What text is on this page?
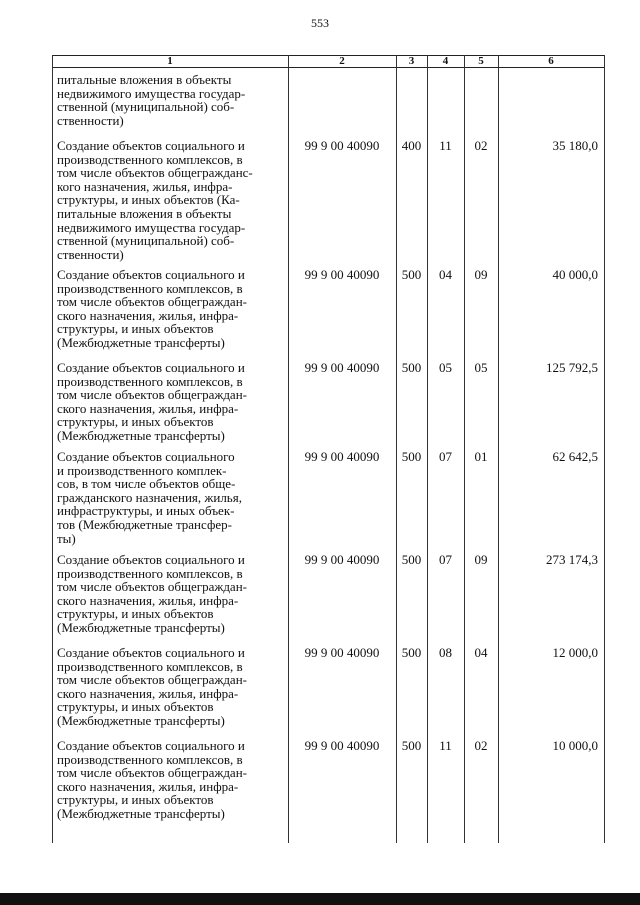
553
1	2	3	4	5	6
питальные вложения в объекты
недвижимого имущества государ-
ственной (муниципальной) соб-
ственности)
Создание объектов социального и
производственного комплексов, в
том числе объектов общегражданс-
кого назначения, жилья, инфра-
структуры, и иных объектов (Ка-
питальные вложения в объекты
недвижимого имущества государ-
ственной (муниципальной) соб-
ственности)
99 9 00 40090	400	11	02	35 180,0
Создание объектов социального и
производственного комплексов, в
том числе объектов общеграждан-
ского назначения, жилья, инфра-
структуры, и иных объектов
(Межбюджетные трансферты)
99 9 00 40090	500	04	09	40 000,0
Создание объектов социального и
производственного комплексов, в
том числе объектов общеграждан-
ского назначения, жилья, инфра-
структуры, и иных объектов
(Межбюджетные трансферты)
99 9 00 40090	500	05	05	125 792,5
Создание объектов социального
и производственного комплек-
сов, в том числе объектов обще-
гражданского назначения, жилья,
инфраструктуры, и иных объек-
тов (Межбюджетные трансфер-
ты)
99 9 00 40090	500	07	01	62 642,5
Создание объектов социального и
производственного комплексов, в
том числе объектов общеграждан-
ского назначения, жилья, инфра-
структуры, и иных объектов
(Межбюджетные трансферты)
99 9 00 40090	500	07	09	273 174,3
Создание объектов социального и
производственного комплексов, в
том числе объектов общеграждан-
ского назначения, жилья, инфра-
структуры, и иных объектов
(Межбюджетные трансферты)
99 9 00 40090	500	08	04	12 000,0
Создание объектов социального и
производственного комплексов, в
том числе объектов общеграждан-
ского назначения, жилья, инфра-
структуры, и иных объектов
(Межбюджетные трансферты)
99 9 00 40090	500	11	02	10 000,0
